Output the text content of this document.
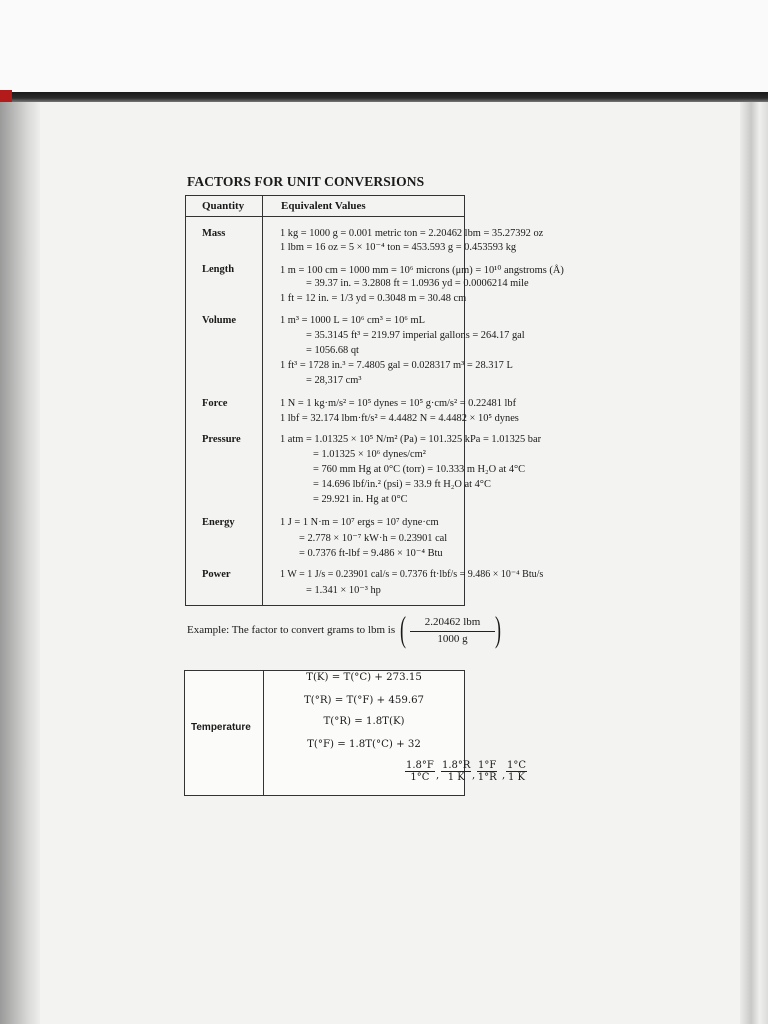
FACTORS FOR UNIT CONVERSIONS
Quantity	Equivalent Values
Mass	1 kg = 1000 g = 0.001 metric ton = 2.20462 lbm = 35.27392 oz
1 lbm = 16 oz = 5 × 10⁻⁴ ton = 453.593 g = 0.453593 kg
Length	1 m = 100 cm = 1000 mm = 10⁶ microns (μm) = 10¹⁰ angstroms (Å)
= 39.37 in. = 3.2808 ft = 1.0936 yd = 0.0006214 mile
1 ft = 12 in. = 1/3 yd = 0.3048 m = 30.48 cm
Volume	1 m³ = 1000 L = 10⁶ cm³ = 10⁶ mL
= 35.3145 ft³ = 219.97 imperial gallons = 264.17 gal
= 1056.68 qt
1 ft³ = 1728 in.³ = 7.4805 gal = 0.028317 m³ = 28.317 L
= 28,317 cm³
Force	1 N = 1 kg·m/s² = 10⁵ dynes = 10⁵ g·cm/s² = 0.22481 lbf
1 lbf = 32.174 lbm·ft/s² = 4.4482 N = 4.4482 × 10⁵ dynes
Pressure	1 atm = 1.01325 × 10⁵ N/m² (Pa) = 101.325 kPa = 1.01325 bar
= 1.01325 × 10⁶ dynes/cm²
= 760 mm Hg at 0°C (torr) = 10.333 m H₂O at 4°C
= 14.696 lbf/in.² (psi) = 33.9 ft H₂O at 4°C
= 29.921 in. Hg at 0°C
Energy	1 J = 1 N·m = 10⁷ ergs = 10⁷ dyne·cm
= 2.778 × 10⁻⁷ kW·h = 0.23901 cal
= 0.7376 ft-lbf = 9.486 × 10⁻⁴ Btu
Power	1 W = 1 J/s = 0.23901 cal/s = 0.7376 ft·lbf/s = 9.486 × 10⁻⁴ Btu/s
= 1.341 × 10⁻³ hp
Example: The factor to convert grams to lbm is (	2.20462 lbm
1000 g )
Temperature
T(K) = T(°C) + 273.15
T(°R) = T(°F) + 459.67
T(°R) = 1.8T(K)
T(°F) = 1.8T(°C) + 32
$\frac{1.8^\circ F}{1^\circ C}$ , $\frac{1.8^\circ R}{1 K}$ , $\frac{1^\circ F}{1^\circ R}$ , $\frac{1^\circ C}{1 K}$
